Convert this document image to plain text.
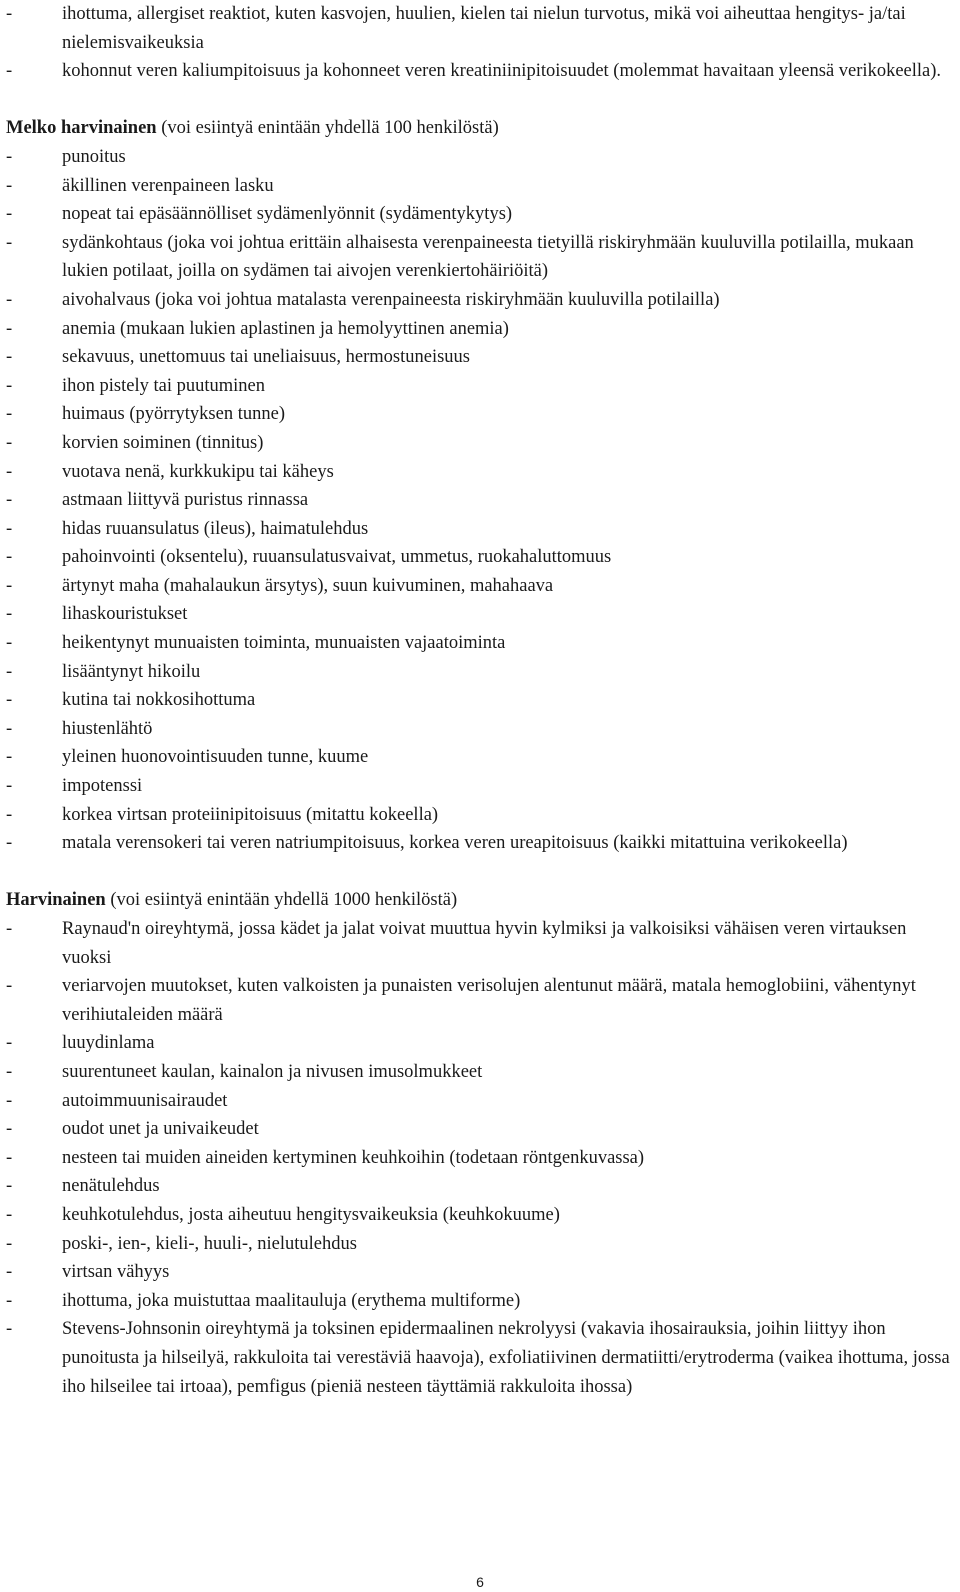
-	ihottuma, allergiset reaktiot, kuten kasvojen, huulien, kielen tai nielun turvotus, mikä voi aiheuttaa hengitys- ja/tai nielemisvaikeuksia
-	kohonnut veren kaliumpitoisuus ja kohonneet veren kreatiniinipitoisuudet (molemmat havaitaan yleensä verikokeella).
Melko harvinainen (voi esiintyä enintään yhdellä 100 henkilöstä)
-	punoitus
-	äkillinen verenpaineen lasku
-	nopeat tai epäsäännölliset sydämenlyönnit (sydämentykytys)
-	sydänkohtaus (joka voi johtua erittäin alhaisesta verenpaineesta tietyillä riskiryhmään kuuluvilla potilailla, mukaan lukien potilaat, joilla on sydämen tai aivojen verenkiertohäiriöitä)
-	aivohalvaus (joka voi johtua matalasta verenpaineesta riskiryhmään kuuluvilla potilailla)
-	anemia (mukaan lukien aplastinen ja hemolyyttinen anemia)
-	sekavuus, unettomuus tai uneliaisuus, hermostuneisuus
-	ihon pistely tai puutuminen
-	huimaus (pyörrytyksen tunne)
-	korvien soiminen (tinnitus)
-	vuotava nenä, kurkkukipu tai käheys
-	astmaan liittyvä puristus rinnassa
-	hidas ruuansulatus (ileus), haimatulehdus
-	pahoinvointi (oksentelu), ruuansulatusvaivat, ummetus, ruokahaluttomuus
-	ärtynyt maha (mahalaukun ärsytys), suun kuivuminen, mahahaava
-	lihaskouristukset
-	heikentynyt munuaisten toiminta, munuaisten vajaatoiminta
-	lisääntynyt hikoilu
-	kutina tai nokkosihottuma
-	hiustenlähtö
-	yleinen huonovointisuuden tunne, kuume
-	impotenssi
-	korkea virtsan proteiinipitoisuus (mitattu kokeella)
-	matala verensokeri tai veren natriumpitoisuus, korkea veren ureapitoisuus (kaikki mitattuina verikokeella)
Harvinainen (voi esiintyä enintään yhdellä 1000 henkilöstä)
-	Raynaud'n oireyhtymä, jossa kädet ja jalat voivat muuttua hyvin kylmiksi ja valkoisiksi vähäisen veren virtauksen vuoksi
-	veriarvojen muutokset, kuten valkoisten ja punaisten verisolujen alentunut määrä, matala hemoglobiini, vähentynyt verihiutaleiden määrä
-	luuydinlama
-	suurentuneet kaulan, kainalon ja nivusen imusolmukkeet
-	autoimmuunisairaudet
-	oudot unet ja univaikeudet
-	nesteen tai muiden aineiden kertyminen keuhkoihin (todetaan röntgenkuvassa)
-	nenätulehdus
-	keuhkotulehdus, josta aiheutuu hengitysvaikeuksia (keuhkokuume)
-	poski-, ien-, kieli-, huuli-, nielutulehdus
-	virtsan vähyys
-	ihottuma, joka muistuttaa maalitauluja (erythema multiforme)
-	Stevens-Johnsonin oireyhtymä ja toksinen epidermaalinen nekrolyysi (vakavia ihosairauksia, joihin liittyy ihon punoitusta ja hilseilyä, rakkuloita tai verestäviä haavoja), exfoliatiivinen dermatiitti/erytroderma (vaikea ihottuma, jossa iho hilseilee tai irtoaa), pemfigus (pieniä nesteen täyttämiä rakkuloita ihossa)
6
